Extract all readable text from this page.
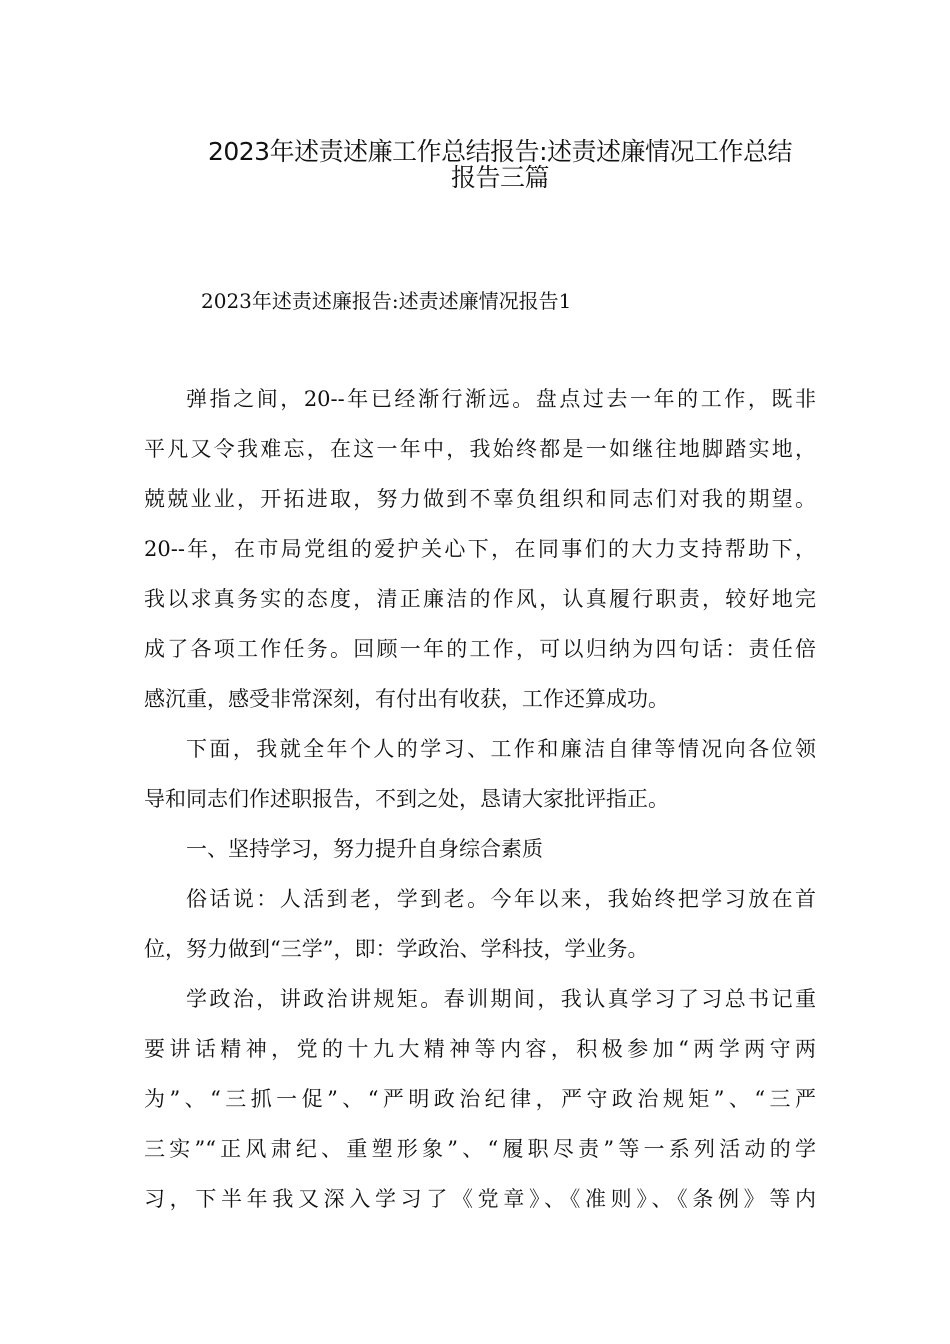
2023年述责述廉工作总结报告:述责述廉情况工作总结
报告三篇
2023年述责述廉报告:述责述廉情况报告1
弹指之间，20--年已经渐行渐远。盘点过去一年的工作，既非
平凡又令我难忘，在这一年中，我始终都是一如继往地脚踏实地，
兢兢业业，开拓进取，努力做到不辜负组织和同志们对我的期望。
20--年，在市局党组的爱护关心下，在同事们的大力支持帮助下，
我以求真务实的态度，清正廉洁的作风，认真履行职责，较好地完
成了各项工作任务。回顾一年的工作，可以归纳为四句话：责任倍
感沉重，感受非常深刻，有付出有收获，工作还算成功。
下面，我就全年个人的学习、工作和廉洁自律等情况向各位领
导和同志们作述职报告，不到之处，恳请大家批评指正。
一、坚持学习，努力提升自身综合素质
俗话说：人活到老，学到老。今年以来，我始终把学习放在首
位，努力做到“三学”，即：学政治、学科技，学业务。
学政治，讲政治讲规矩。春训期间，我认真学习了习总书记重
要讲话精神，党的十九大精神等内容，积极参加“两学两守两
为”、“三抓一促”、“严明政治纪律，严守政治规矩”、“三严
三实”“正风肃纪、重塑形象”、“履职尽责”等一系列活动的学
习，下半年我又深入学习了《党章》、《准则》、《条例》等内
